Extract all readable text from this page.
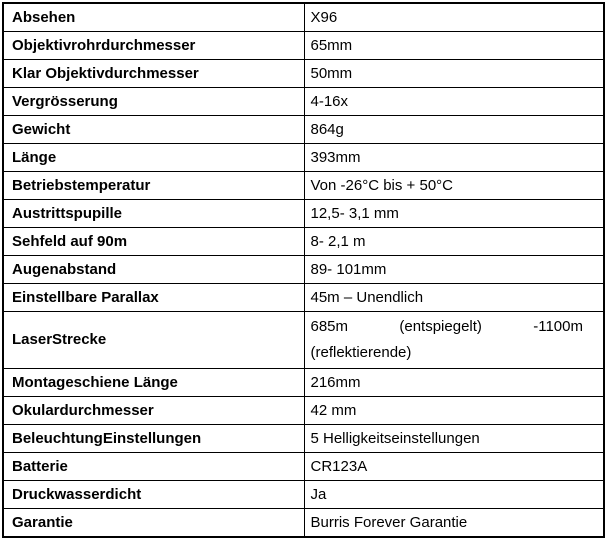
Absehen	X96
Objektivrohrdurchmesser	65mm
Klar Objektivdurchmesser	50mm
Vergrösserung	4-16x
Gewicht	864g
Länge	393mm
Betriebstemperatur	Von -26°C bis + 50°C
Austrittspupille	12,5- 3,1 mm
Sehfeld auf 90m	8- 2,1 m
Augenabstand	89- 101mm
Einstellbare Parallax	45m – Unendlich
LaserStrecke	685m (entspiegelt) -1100m
(reflektierende)

Montageschiene Länge	216mm
Okulardurchmesser	42 mm
BeleuchtungEinstellungen	5 Helligkeitseinstellungen
Batterie	CR123A
Druckwasserdicht	Ja
Garantie	Burris Forever Garantie
